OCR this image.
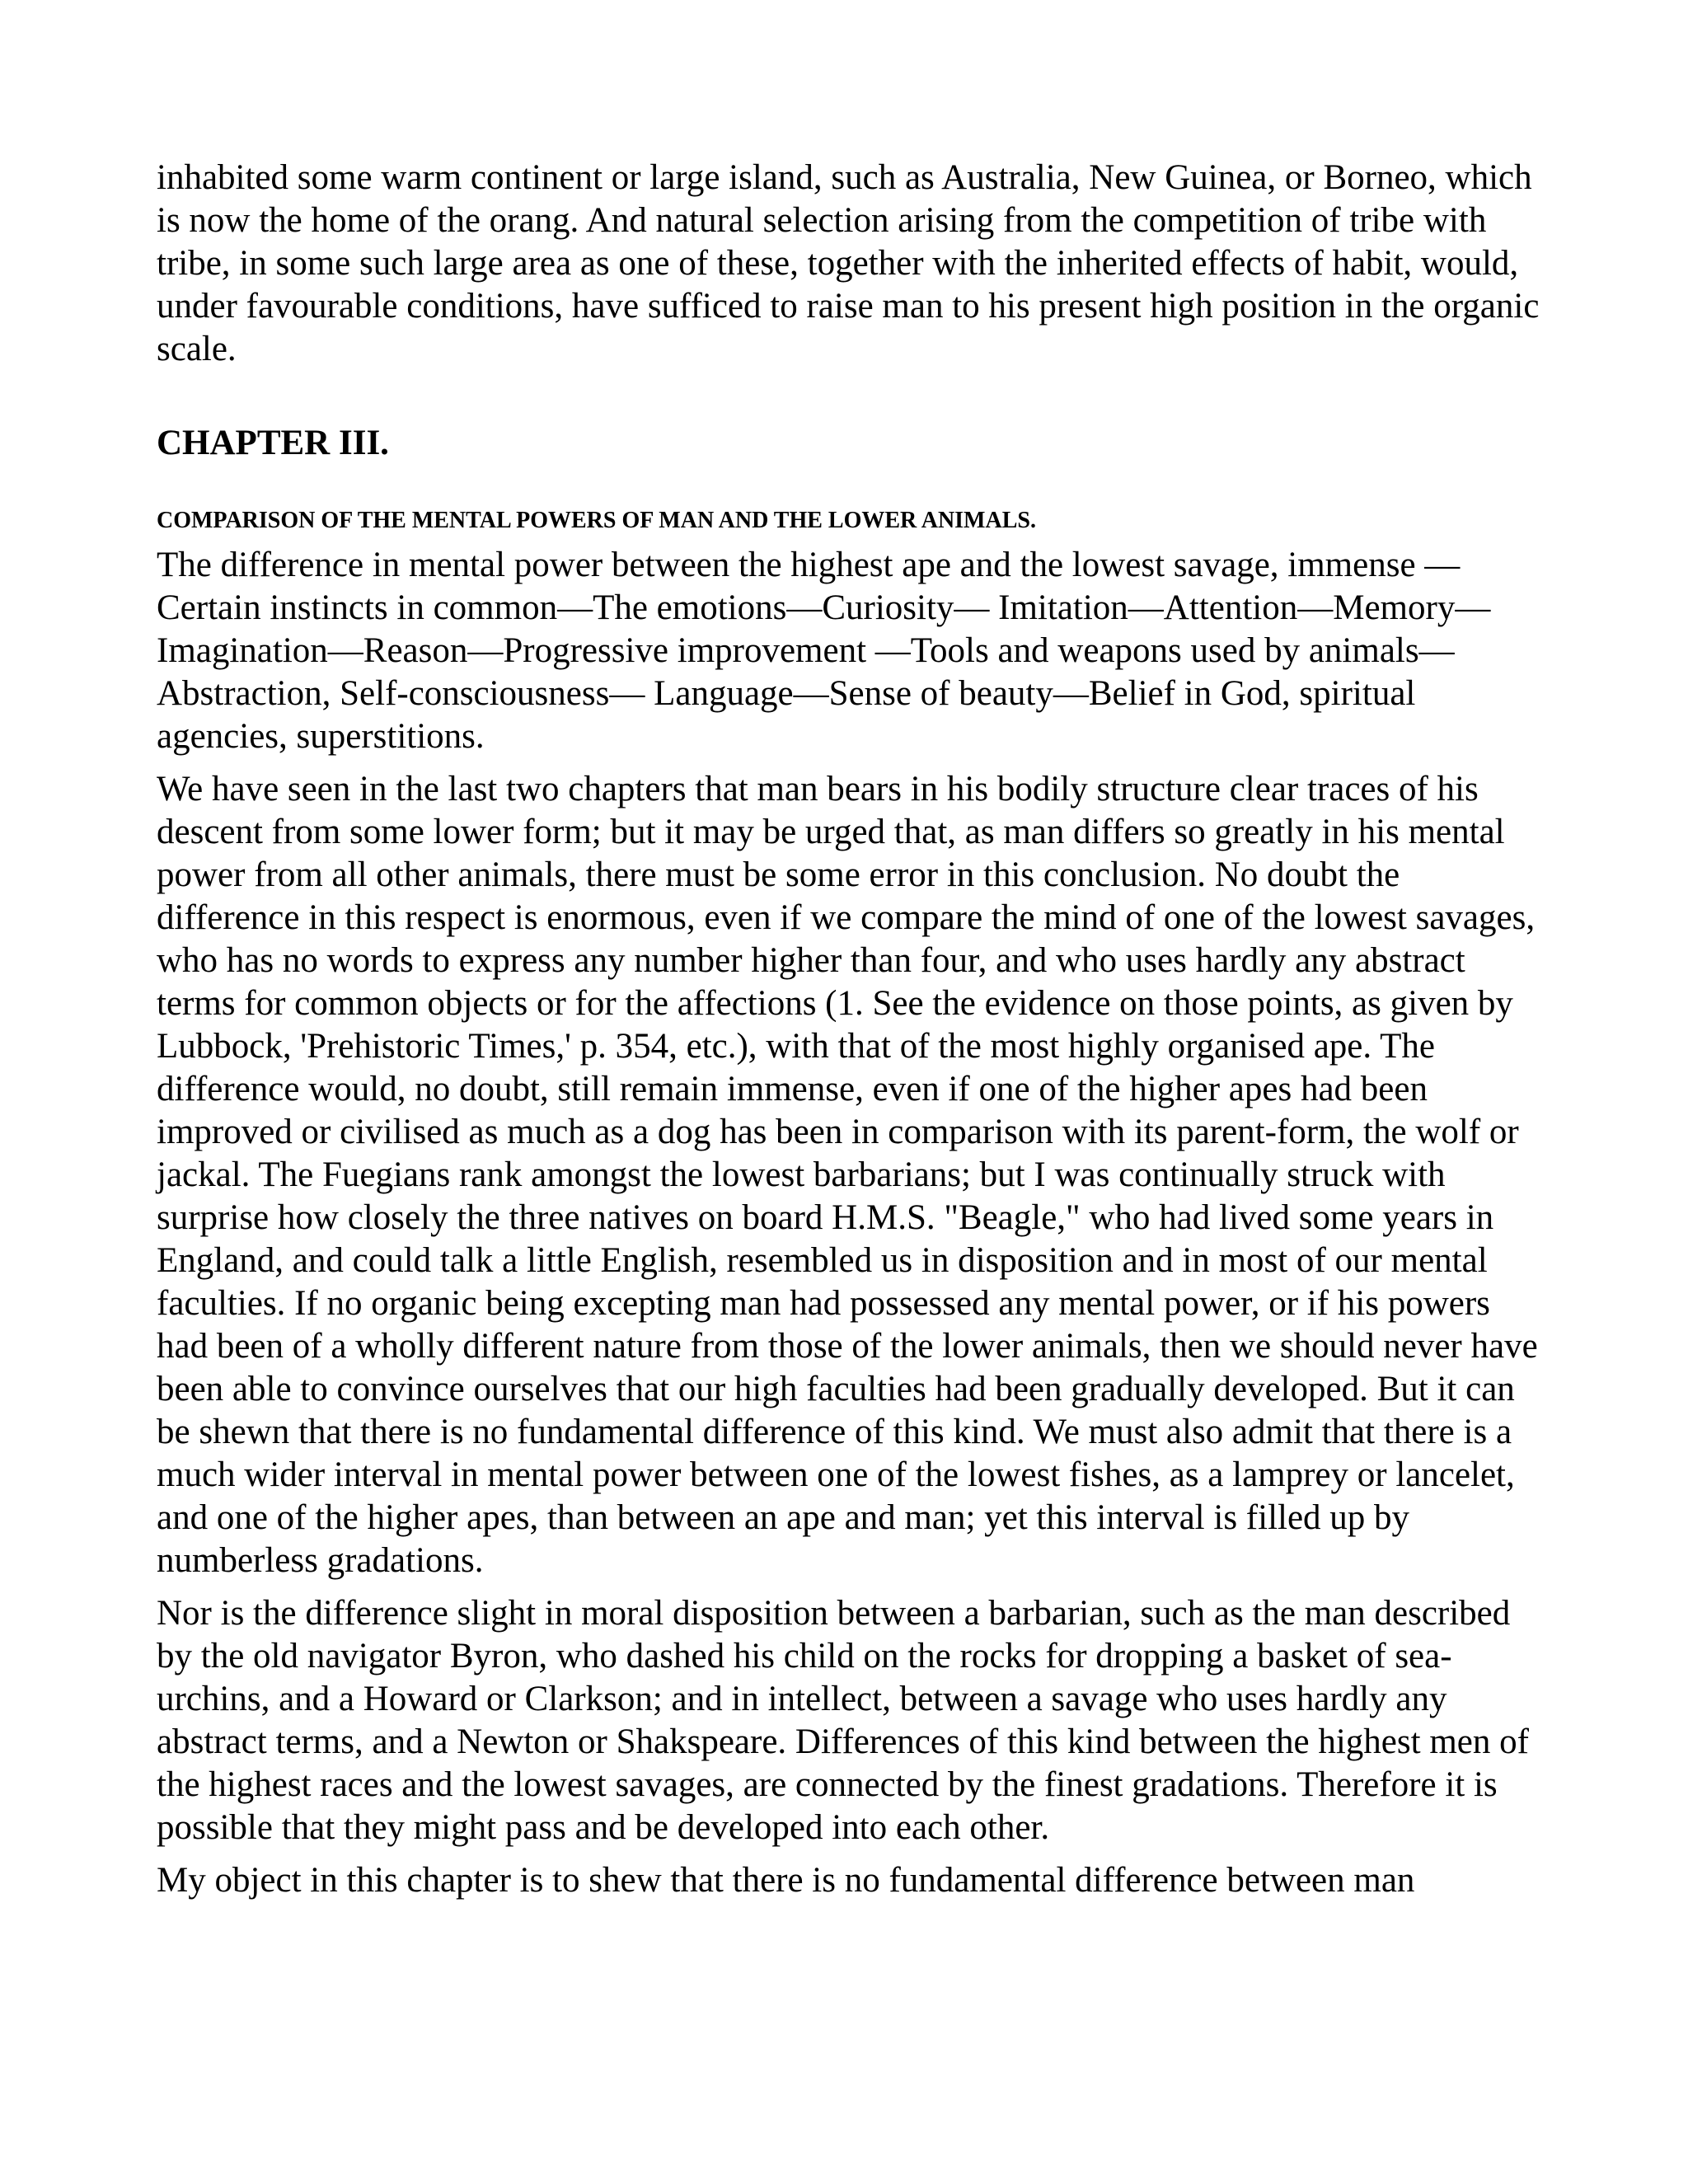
inhabited some warm continent or large island, such as Australia, New Guinea, or Borneo, which is now the home of the orang. And natural selection arising from the competition of tribe with tribe, in some such large area as one of these, together with the inherited effects of habit, would, under favourable conditions, have sufficed to raise man to his present high position in the organic scale.

CHAPTER III.
COMPARISON OF THE MENTAL POWERS OF MAN AND THE LOWER ANIMALS.

The difference in mental power between the highest ape and the lowest savage, immense —Certain instincts in common—The emotions—Curiosity— Imitation—Attention—Memory—Imagination—Reason—Progressive improvement —Tools and weapons used by animals—Abstraction, Self-consciousness— Language—Sense of beauty—Belief in God, spiritual agencies, superstitions.

We have seen in the last two chapters that man bears in his bodily structure clear traces of his descent from some lower form; but it may be urged that, as man differs so greatly in his mental power from all other animals, there must be some error in this conclusion. No doubt the difference in this respect is enormous, even if we compare the mind of one of the lowest savages, who has no words to express any number higher than four, and who uses hardly any abstract terms for common objects or for the affections (1. See the evidence on those points, as given by Lubbock, 'Prehistoric Times,' p. 354, etc.), with that of the most highly organised ape. The difference would, no doubt, still remain immense, even if one of the higher apes had been improved or civilised as much as a dog has been in comparison with its parent-form, the wolf or jackal. The Fuegians rank amongst the lowest barbarians; but I was continually struck with surprise how closely the three natives on board H.M.S. "Beagle," who had lived some years in England, and could talk a little English, resembled us in disposition and in most of our mental faculties. If no organic being excepting man had possessed any mental power, or if his powers had been of a wholly different nature from those of the lower animals, then we should never have been able to convince ourselves that our high faculties had been gradually developed. But it can be shewn that there is no fundamental difference of this kind. We must also admit that there is a much wider interval in mental power between one of the lowest fishes, as a lamprey or lancelet, and one of the higher apes, than between an ape and man; yet this interval is filled up by numberless gradations.

Nor is the difference slight in moral disposition between a barbarian, such as the man described by the old navigator Byron, who dashed his child on the rocks for dropping a basket of sea-urchins, and a Howard or Clarkson; and in intellect, between a savage who uses hardly any abstract terms, and a Newton or Shakspeare. Differences of this kind between the highest men of the highest races and the lowest savages, are connected by the finest gradations. Therefore it is possible that they might pass and be developed into each other.

My object in this chapter is to shew that there is no fundamental difference between man
